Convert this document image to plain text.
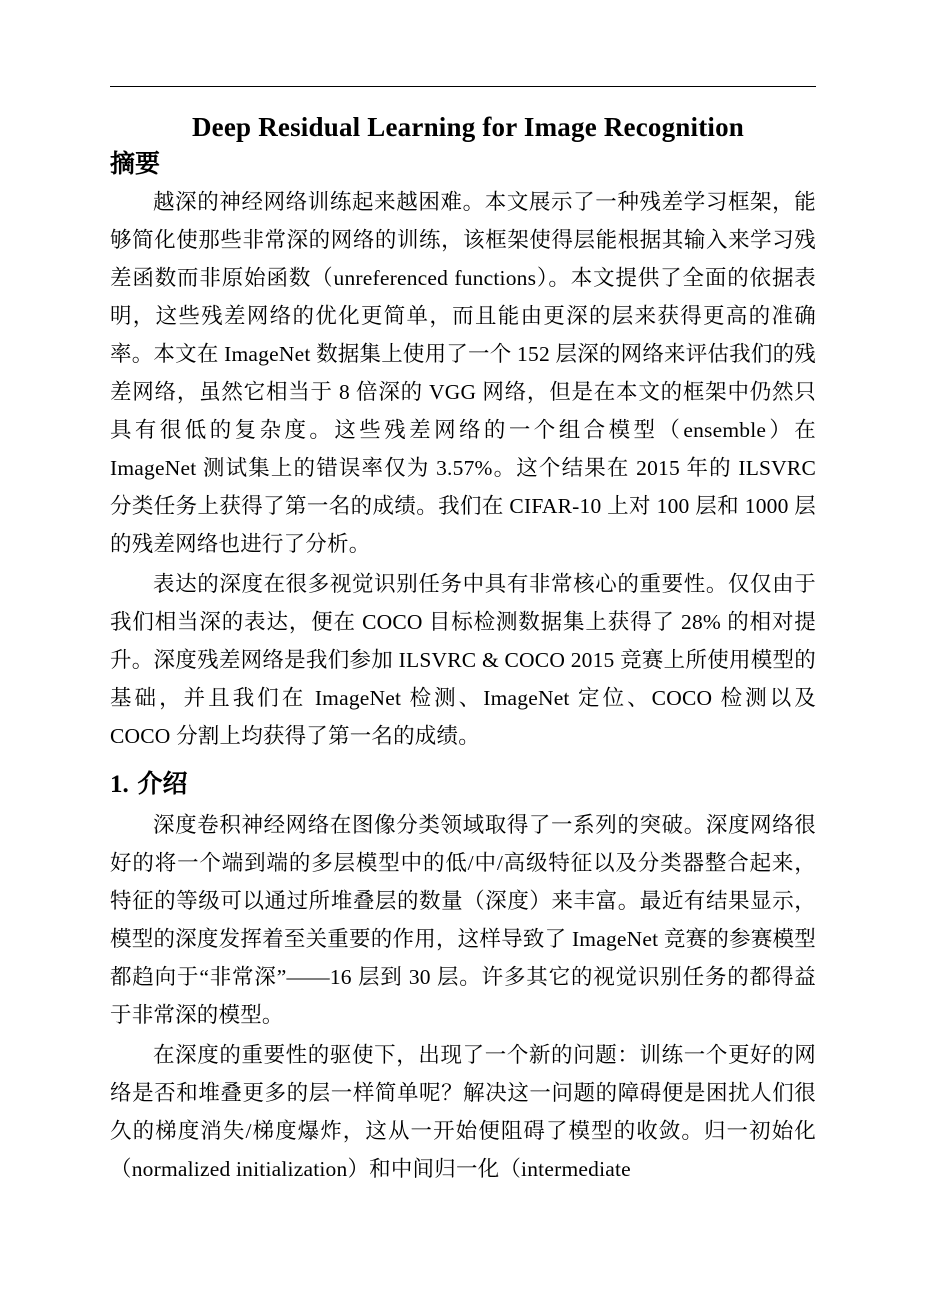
Deep Residual Learning for Image Recognition
摘要

越深的神经网络训练起来越困难。本文展示了一种残差学习框架，能够简化使那些非常深的网络的训练，该框架使得层能根据其输入来学习残差函数而非原始函数（unreferenced functions）。本文提供了全面的依据表明，这些残差网络的优化更简单，而且能由更深的层来获得更高的准确率。本文在 ImageNet 数据集上使用了一个 152 层深的网络来评估我们的残差网络，虽然它相当于 8 倍深的 VGG 网络，但是在本文的框架中仍然只具有很低的复杂度。这些残差网络的一个组合模型（ensemble）在 ImageNet 测试集上的错误率仅为 3.57%。这个结果在 2015 年的 ILSVRC 分类任务上获得了第一名的成绩。我们在 CIFAR-10 上对 100 层和 1000 层的残差网络也进行了分析。

表达的深度在很多视觉识别任务中具有非常核心的重要性。仅仅由于我们相当深的表达，便在 COCO 目标检测数据集上获得了 28% 的相对提升。深度残差网络是我们参加 ILSVRC & COCO 2015 竞赛上所使用模型的基础，并且我们在 ImageNet 检测、ImageNet 定位、COCO 检测以及 COCO 分割上均获得了第一名的成绩。

1. 介绍

深度卷积神经网络在图像分类领域取得了一系列的突破。深度网络很好的将一个端到端的多层模型中的低/中/高级特征以及分类器整合起来，特征的等级可以通过所堆叠层的数量（深度）来丰富。最近有结果显示，模型的深度发挥着至关重要的作用，这样导致了 ImageNet 竞赛的参赛模型都趋向于“非常深”——16 层到 30 层。许多其它的视觉识别任务的都得益于非常深的模型。

在深度的重要性的驱使下，出现了一个新的问题：训练一个更好的网络是否和堆叠更多的层一样简单呢？解决这一问题的障碍便是困扰人们很久的梯度消失/梯度爆炸，这从一开始便阻碍了模型的收敛。归一初始化（normalized initialization）和中间归一化（intermediate
